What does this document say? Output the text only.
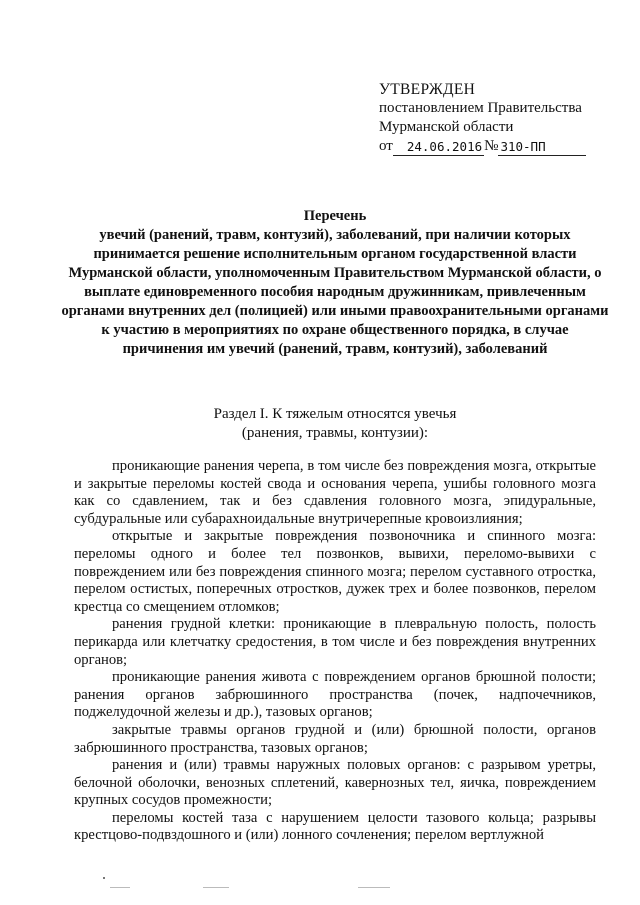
УТВЕРЖДЕН
постановлением Правительства
Мурманской области
от	24.06.2016 № 310-ПП
Перечень
увечий (ранений, травм, контузий), заболеваний, при наличии которых принимается решение исполнительным органом государственной власти Мурманской области, уполномоченным Правительством Мурманской области, о выплате единовременного пособия народным дружинникам, привлеченным органами внутренних дел (полицией) или иными правоохранительными органами к участию в мероприятиях по охране общественного порядка, в случае причинения им увечий (ранений, травм, контузий), заболеваний
Раздел I. К тяжелым относятся увечья
(ранения, травмы, контузии):

проникающие ранения черепа, в том числе без повреждения мозга, открытые и закрытые переломы костей свода и основания черепа, ушибы головного мозга как со сдавлением, так и без сдавления головного мозга, эпидуральные, субдуральные или субарахноидальные внутричерепные кровоизлияния;

открытые и закрытые повреждения позвоночника и спинного мозга: переломы одного и более тел позвонков, вывихи, переломо-вывихи с повреждением или без повреждения спинного мозга; перелом суставного отростка, перелом остистых, поперечных отростков, дужек трех и более позвонков, перелом крестца со смещением отломков;

ранения грудной клетки: проникающие в плевральную полость, полость перикарда или клетчатку средостения, в том числе и без повреждения внутренних органов;

проникающие ранения живота с повреждением органов брюшной полости; ранения органов забрюшинного пространства (почек, надпочечников, поджелудочной железы и др.), тазовых органов;

закрытые травмы органов грудной и (или) брюшной полости, органов забрюшинного пространства, тазовых органов;

ранения и (или) травмы наружных половых органов: с разрывом уретры, белочной оболочки, венозных сплетений, кавернозных тел, яичка, повреждением крупных сосудов промежности;

переломы костей таза с нарушением целости тазового кольца; разрывы крестцово-подвздошного и (или) лонного сочленения; перелом вертлужной
